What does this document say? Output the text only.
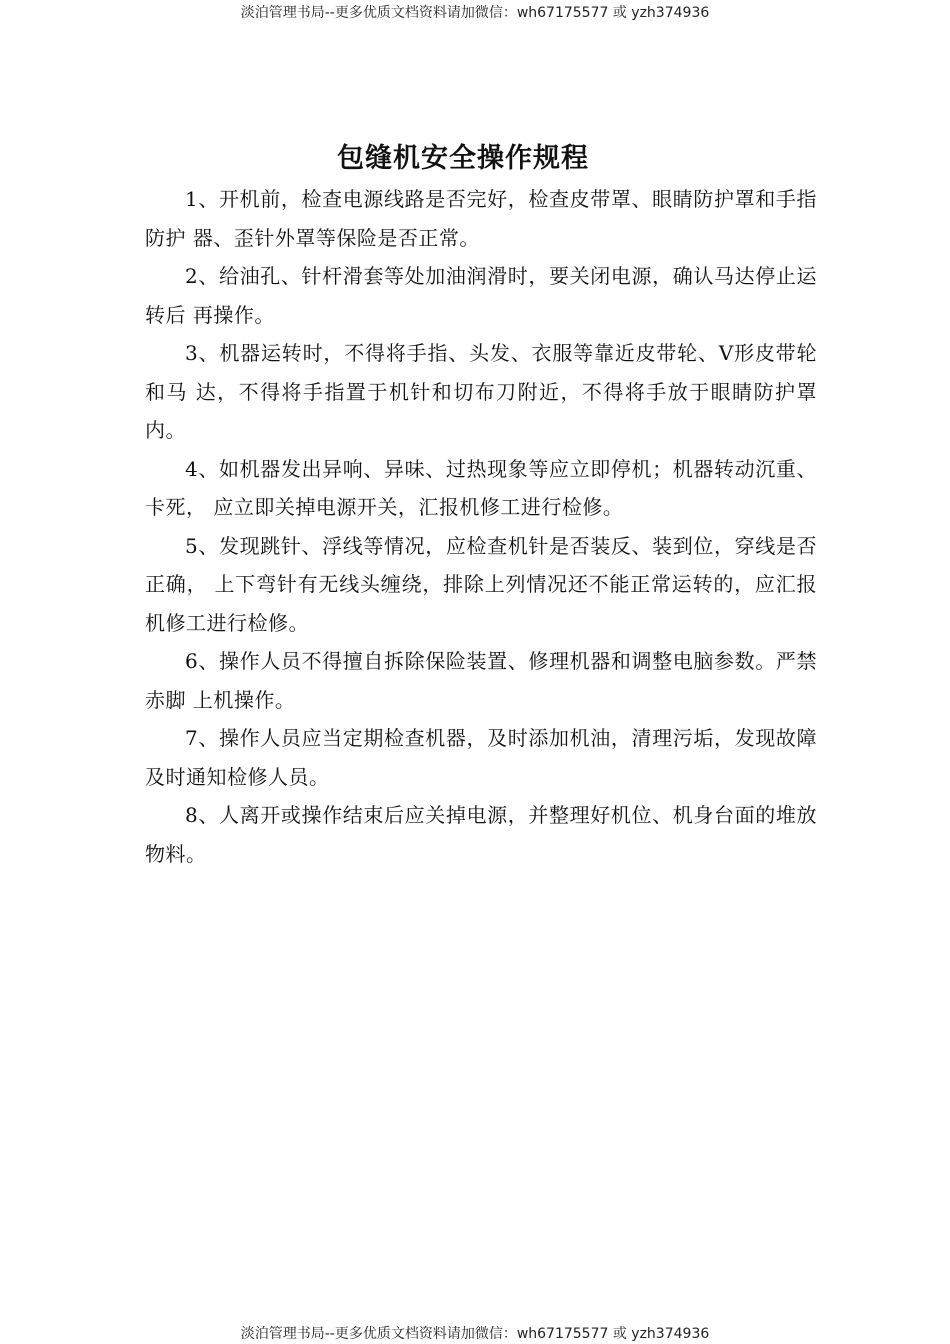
淡泊管理书局--更多优质文档资料请加微信：wh67175577 或 yzh374936
包缝机安全操作规程

1、开机前，检查电源线路是否完好，检查皮带罩、眼睛防护罩和手指防护 器、歪针外罩等保险是否正常。

2、给油孔、针杆滑套等处加油润滑时，要关闭电源，确认马达停止运转后 再操作。

3、机器运转时，不得将手指、头发、衣服等靠近皮带轮、V形皮带轮和马 达，不得将手指置于机针和切布刀附近，不得将手放于眼睛防护罩内。

4、如机器发出异响、异味、过热现象等应立即停机；机器转动沉重、卡死， 应立即关掉电源开关，汇报机修工进行检修。

5、发现跳针、浮线等情况，应检查机针是否装反、装到位，穿线是否正确， 上下弯针有无线头缠绕，排除上列情况还不能正常运转的，应汇报机修工进行检修。

6、操作人员不得擅自拆除保险装置、修理机器和调整电脑参数。严禁赤脚 上机操作。

7、操作人员应当定期检查机器，及时添加机油，清理污垢，发现故障及时通知检修人员。

8、人离开或操作结束后应关掉电源，并整理好机位、机身台面的堆放物料。

淡泊管理书局--更多优质文档资料请加微信：wh67175577 或 yzh374936
